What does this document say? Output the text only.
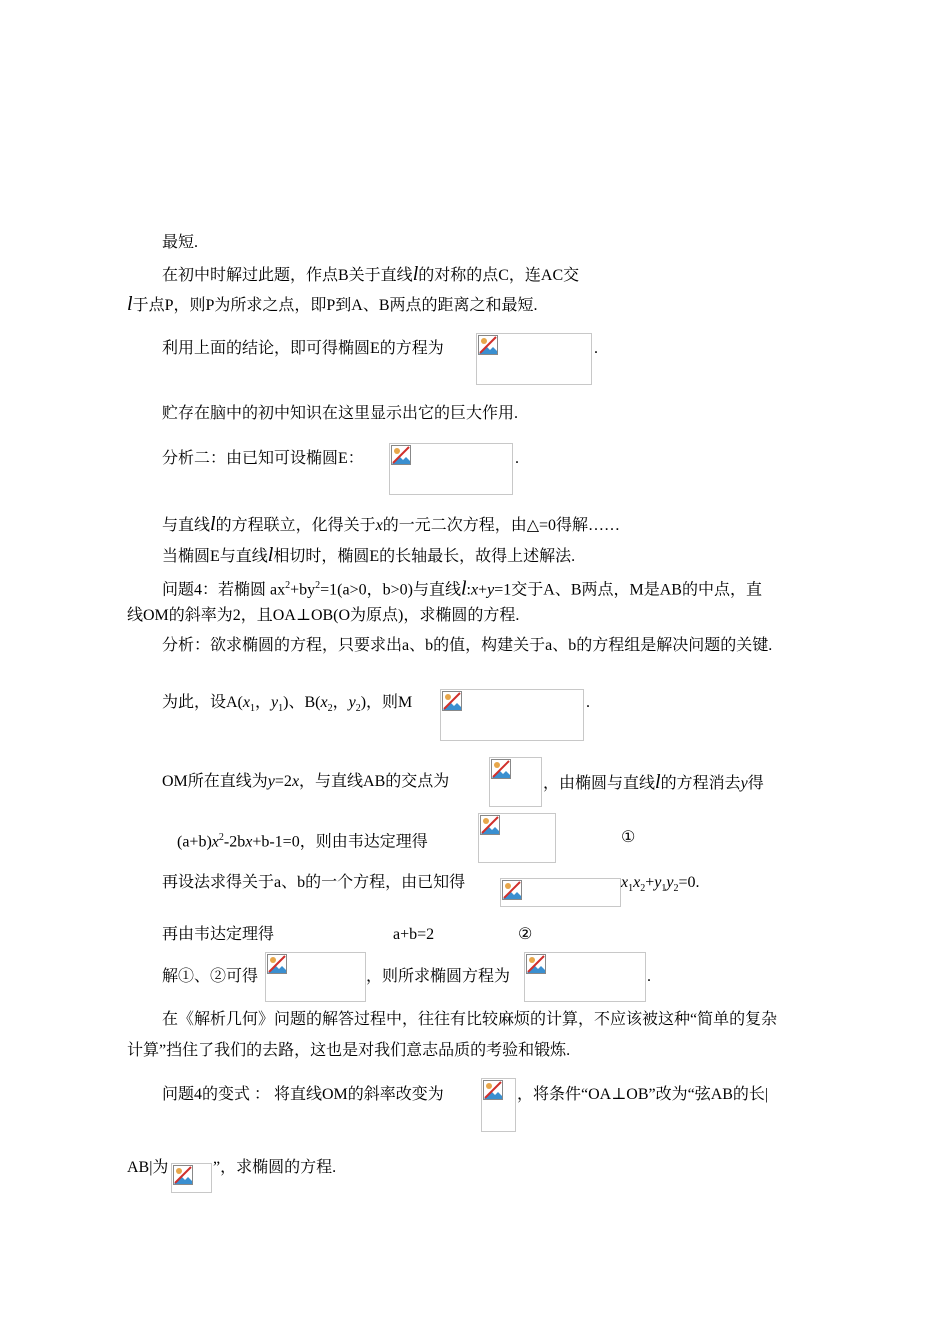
最短.
在初中时解过此题，作点B关于直线l的对称的点C，连AC交
l于点P，则P为所求之点，即P到A、B两点的距离之和最短.
利用上面的结论，即可得椭圆E的方程为	.
贮存在脑中的初中知识在这里显示出它的巨大作用.
分析二：由已知可设椭圆E：	.
与直线l的方程联立，化得关于x的一元二次方程，由△=0得解……
当椭圆E与直线l相切时，椭圆E的长轴最长，故得上述解法.
问题4：若椭圆 $ax^2+by^2=1(a>0$，b>0)与直线l:x+y=1交于A、B两点，M是AB的中点，直
线OM的斜率为2，且OA⊥OB(O为原点)，求椭圆的方程.
分析：欲求椭圆的方程，只要求出a、b的值，构建关于a、b的方程组是解决问题的关键.
为此，设$A(x_1$，$y_1$)、$B(x_2$，$y_2$)，则M	.
OM所在直线为y=2x，与直线AB的交点为	，由椭圆与直线l的方程消去y得
$(a+b)x^2-2bx+b-1=0$，则由韦达定理得	①
再设法求得关于a、b的一个方程，由已知得	$x_1x_2+y_1y_2=0$.
再由韦达定理得	a+b=2	②
解①、②可得	，则所求椭圆方程为	.
在《解析几何》问题的解答过程中，往往有比较麻烦的计算，不应该被这种“简单的复杂
计算”挡住了我们的去路，这也是对我们意志品质的考验和锻炼.
问题4的变式 ： 将直线OM的斜率改变为	，将条件“OA⊥OB”改为“弦AB的长|
AB|为	”，求椭圆的方程.
